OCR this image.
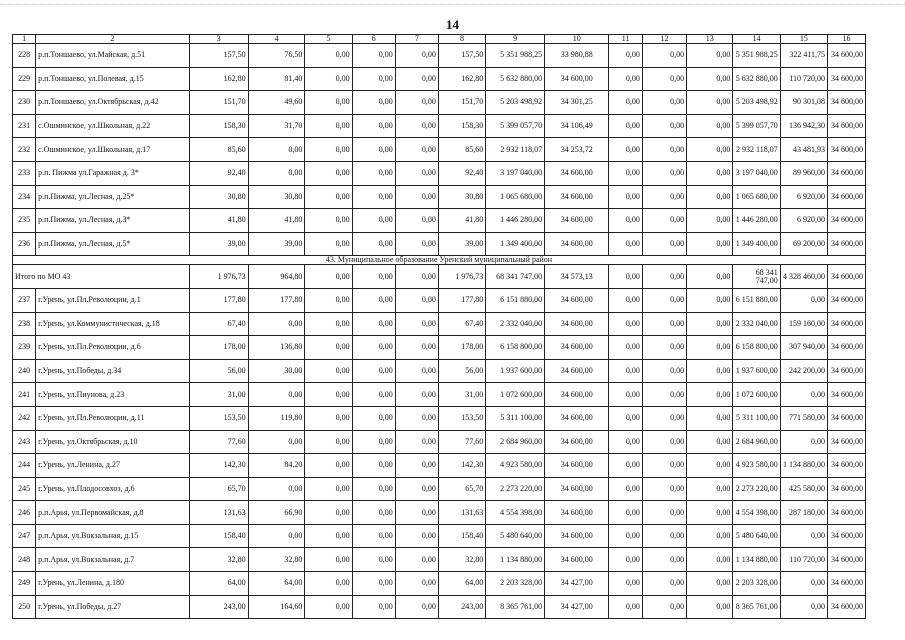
14
1	2	3	4	5	6	7	8	9	10	11	12	13	14	15	16
228	р.п.Тоншаево, ул.Майская, д.51	157,50	76,50	0,00	0,00	0,00	157,50	5 351 988,25	33 980,88	0,00	0,00	0,00	5 351 988,25	322 411,75	34 600,00
229	р.п.Тоншаево, ул.Полевая, д.15	162,80	81,40	0,00	0,00	0,00	162,80	5 632 880,00	34 600,00	0,00	0,00	0,00	5 632 880,00	110 720,00	34 600,00
230	р.п.Тоншаево, ул.Октябрьская, д.42	151,70	49,60	0,00	0,00	0,00	151,70	5 203 498,92	34 301,25	0,00	0,00	0,00	5 203 498,92	90 301,08	34 600,00
231	с.Ошминское, ул.Школьная, д.22	158,30	31,70	0,00	0,00	0,00	158,30	5 399 057,70	34 106,49	0,00	0,00	0,00	5 399 057,70	136 942,30	34 600,00
232	с.Ошминское, ул.Школьная, д.17	85,60	0,00	0,00	0,00	0,00	85,60	2 932 118,07	34 253,72	0,00	0,00	0,00	2 932 118,07	43 481,93	34 600,00
233	р.п. Пижма ул.Гаражная д. 3*	92,40	0,00	0,00	0,00	0,00	92,40	3 197 040,00	34 600,00	0,00	0,00	0,00	3 197 040,00	89 960,00	34 600,00
234	р.п.Пижма, ул.Лесная, д.25*	30,80	30,80	0,00	0,00	0,00	30,80	1 065 680,00	34 600,00	0,00	0,00	0,00	1 065 680,00	6 920,00	34 600,00
235	р.п.Пижма, ул.Лесная, д.3*	41,80	41,80	0,00	0,00	0,00	41,80	1 446 280,00	34 600,00	0,00	0,00	0,00	1 446 280,00	6 920,00	34 600,00
236	р.п.Пижма, ул.Лесная, д.5*	39,00	39,00	0,00	0,00	0,00	39,00	1 349 400,00	34 600,00	0,00	0,00	0,00	1 349 400,00	69 200,00	34 600,00
43. Муниципальное образование Уренский муниципальный район															
Итого по МО 43		1 976,73	964,80	0,00	0,00	0,00	1 976,73	68 341 747,00	34 573,13	0,00	0,00	0,00	68 341 747,00	4 328 460,00	34 600,00
237	г.Урень, ул.Пл.Революции, д.1	177,80	177,80	0,00	0,00	0,00	177,80	6 151 880,00	34 600,00	0,00	0,00	0,00	6 151 880,00	0,00	34 600,00
238	г.Урень, ул.Коммунистическая, д.18	67,40	0,00	0,00	0,00	0,00	67,40	2 332 040,00	34 600,00	0,00	0,00	0,00	2 332 040,00	159 160,00	34 600,00
239	г.Урень, ул.Пл.Революции, д.6	178,00	136,80	0,00	0,00	0,00	178,00	6 158 800,00	34 600,00	0,00	0,00	0,00	6 158 800,00	307 940,00	34 600,00
240	г.Урень, ул.Победы, д.34	56,00	30,00	0,00	0,00	0,00	56,00	1 937 600,00	34 600,00	0,00	0,00	0,00	1 937 600,00	242 200,00	34 600,00
241	г.Урень, ул.Пиунова, д.23	31,00	0,00	0,00	0,00	0,00	31,00	1 072 600,00	34 600,00	0,00	0,00	0,00	1 072 600,00	0,00	34 600,00
242	г.Урень, ул.Пл.Революции, д.11	153,50	119,80	0,00	0,00	0,00	153,50	5 311 100,00	34 600,00	0,00	0,00	0,00	5 311 100,00	771 580,00	34 600,00
243	г.Урень, ул.Октябрьская, д.10	77,60	0,00	0,00	0,00	0,00	77,60	2 684 960,00	34 600,00	0,00	0,00	0,00	2 684 960,00	0,00	34 600,00
244	г.Урень, ул.Ленина, д.27	142,30	84,20	0,00	0,00	0,00	142,30	4 923 580,00	34 600,00	0,00	0,00	0,00	4 923 580,00	1 134 880,00	34 600,00
245	г.Урень, ул.Плодосовхоз, д.6	65,70	0,00	0,00	0,00	0,00	65,70	2 273 220,00	34 600,00	0,00	0,00	0,00	2 273 220,00	425 580,00	34 600,00
246	р.п.Арья, ул.Первомайская, д.8	131,63	66,90	0,00	0,00	0,00	131,63	4 554 398,00	34 600,00	0,00	0,00	0,00	4 554 398,00	287 180,00	34 600,00
247	р.п.Арья, ул.Вокзальная, д.15	158,40	0,00	0,00	0,00	0,00	158,40	5 480 640,00	34 600,00	0,00	0,00	0,00	5 480 640,00	0,00	34 600,00
248	р.п.Арья, ул.Вокзальная, д.7	32,80	32,80	0,00	0,00	0,00	32,80	1 134 880,00	34 600,00	0,00	0,00	0,00	1 134 880,00	110 720,00	34 600,00
249	г.Урень, ул.Ленина, д.180	64,00	64,00	0,00	0,00	0,00	64,00	2 203 328,00	34 427,00	0,00	0,00	0,00	2 203 328,00	0,00	34 600,00
250	г.Урень, ул.Победы, д.27	243,00	164,60	0,00	0,00	0,00	243,00	8 365 761,00	34 427,00	0,00	0,00	0,00	8 365 761,00	0,00	34 600,00
